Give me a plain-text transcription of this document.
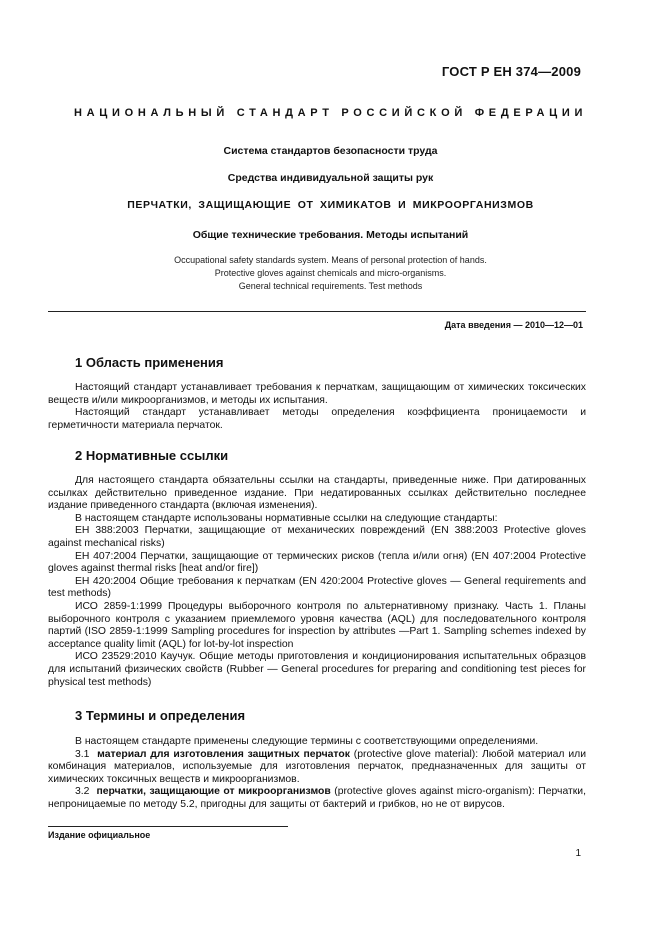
ГОСТ Р ЕН 374—2009
НАЦИОНАЛЬНЫЙ СТАНДАРТ РОССИЙСКОЙ ФЕДЕРАЦИИ
Система стандартов безопасности труда
Средства индивидуальной защиты рук
ПЕРЧАТКИ, ЗАЩИЩАЮЩИЕ ОТ ХИМИКАТОВ И МИКРООРГАНИЗМОВ
Общие технические требования. Методы испытаний
Occupational safety standards system. Means of personal protection of hands.
Protective gloves against chemicals and micro-organisms.
General technical requirements. Test methods
Дата введения — 2010—12—01
1 Область применения

Настоящий стандарт устанавливает требования к перчаткам, защищающим от химических токсических веществ и/или микроорганизмов, и методы их испытания.

Настоящий стандарт устанавливает методы определения коэффициента проницаемости и герметичности материала перчаток.

2 Нормативные ссылки

Для настоящего стандарта обязательны ссылки на стандарты, приведенные ниже. При датированных ссылках действительно приведенное издание. При недатированных ссылках действительно последнее издание приведенного стандарта (включая изменения).

В настоящем стандарте использованы нормативные ссылки на следующие стандарты:

ЕН 388:2003 Перчатки, защищающие от механических повреждений (EN 388:2003 Protective gloves against mechanical risks)

ЕН 407:2004 Перчатки, защищающие от термических рисков (тепла и/или огня) (EN 407:2004 Protective gloves against thermal risks [heat and/or fire])

ЕН 420:2004 Общие требования к перчаткам (EN 420:2004 Protective gloves — General requirements and test methods)

ИСО 2859-1:1999 Процедуры выборочного контроля по альтернативному признаку. Часть 1. Планы выборочного контроля с указанием приемлемого уровня качества (AQL) для последовательного контроля партий (ISO 2859-1:1999 Sampling procedures for inspection by attributes —Part 1. Sampling schemes indexed by acceptance quality limit (AQL) for lot-by-lot inspection

ИСО 23529:2010 Каучук. Общие методы приготовления и кондиционирования испытательных образцов для испытаний физических свойств (Rubber — General procedures for preparing and conditioning test pieces for physical test methods)

3 Термины и определения

В настоящем стандарте применены следующие термины с соответствующими определениями.

3.1 материал для изготовления защитных перчаток (protective glove material): Любой материал или комбинация материалов, используемые для изготовления перчаток, предназначенных для защиты от химических токсичных веществ и микроорганизмов.

3.2 перчатки, защищающие от микроорганизмов (protective gloves against micro-organism): Перчатки, непроницаемые по методу 5.2, пригодны для защиты от бактерий и грибков, но не от вирусов.

Издание официальное
1
